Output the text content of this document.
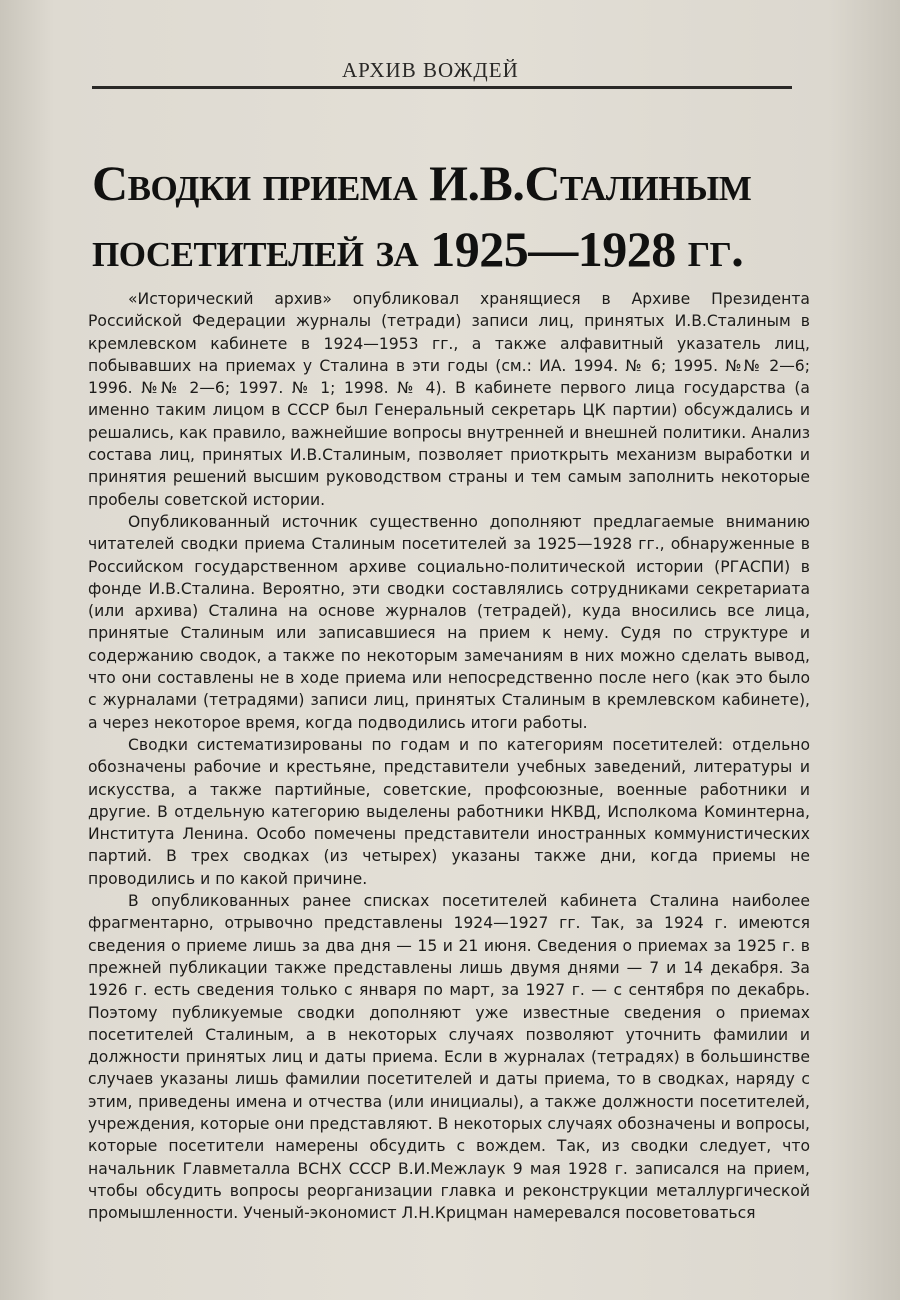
АРХИВ ВОЖДЕЙ
Сводки приема И.В.Сталиным
посетителей за 1925—1928 гг.

«Исторический архив» опубликовал хранящиеся в Архиве Президента Российской Федерации журналы (тетради) записи лиц, принятых И.В.Сталиным в кремлевском кабинете в 1924—1953 гг., а также алфавитный указатель лиц, побывавших на приемах у Сталина в эти годы (см.: ИА. 1994. № 6; 1995. №№ 2—6; 1996. №№ 2—6; 1997. № 1; 1998. № 4). В кабинете первого лица государства (а именно таким лицом в СССР был Генеральный секретарь ЦК партии) обсуждались и решались, как правило, важнейшие вопросы внутренней и внешней политики. Анализ состава лиц, принятых И.В.Сталиным, позволяет приоткрыть механизм выработки и принятия решений высшим руководством страны и тем самым заполнить некоторые пробелы советской истории.

Опубликованный источник существенно дополняют предлагаемые вниманию читателей сводки приема Сталиным посетителей за 1925—1928 гг., обнаруженные в Российском государственном архиве социально-политической истории (РГАСПИ) в фонде И.В.Сталина. Вероятно, эти сводки составлялись сотрудниками секретариата (или архива) Сталина на основе журналов (тетрадей), куда вносились все лица, принятые Сталиным или записавшиеся на прием к нему. Судя по структуре и содержанию сводок, а также по некоторым замечаниям в них можно сделать вывод, что они составлены не в ходе приема или непосредственно после него (как это было с журналами (тетрадями) записи лиц, принятых Сталиным в кремлевском кабинете), а через некоторое время, когда подводились итоги работы.

Сводки систематизированы по годам и по категориям посетителей: отдельно обозначены рабочие и крестьяне, представители учебных заведений, литературы и искусства, а также партийные, советские, профсоюзные, военные работники и другие. В отдельную категорию выделены работники НКВД, Исполкома Коминтерна, Института Ленина. Особо помечены представители иностранных коммунистических партий. В трех сводках (из четырех) указаны также дни, когда приемы не проводились и по какой причине.

В опубликованных ранее списках посетителей кабинета Сталина наиболее фрагментарно, отрывочно представлены 1924—1927 гг. Так, за 1924 г. имеются сведения о приеме лишь за два дня — 15 и 21 июня. Сведения о приемах за 1925 г. в прежней публикации также представлены лишь двумя днями — 7 и 14 декабря. За 1926 г. есть сведения только с января по март, за 1927 г. — с сентября по декабрь. Поэтому публикуемые сводки дополняют уже известные сведения о приемах посетителей Сталиным, а в некоторых случаях позволяют уточнить фамилии и должности принятых лиц и даты приема. Если в журналах (тетрадях) в большинстве случаев указаны лишь фамилии посетителей и даты приема, то в сводках, наряду с этим, приведены имена и отчества (или инициалы), а также должности посетителей, учреждения, которые они представляют. В некоторых случаях обозначены и вопросы, которые посетители намерены обсудить с вождем. Так, из сводки следует, что начальник Главметалла ВСНХ СССР В.И.Межлаук 9 мая 1928 г. записался на прием, чтобы обсудить вопросы реорганизации главка и реконструкции металлургической промышленности. Ученый-экономист Л.Н.Крицман намеревался посоветоваться
